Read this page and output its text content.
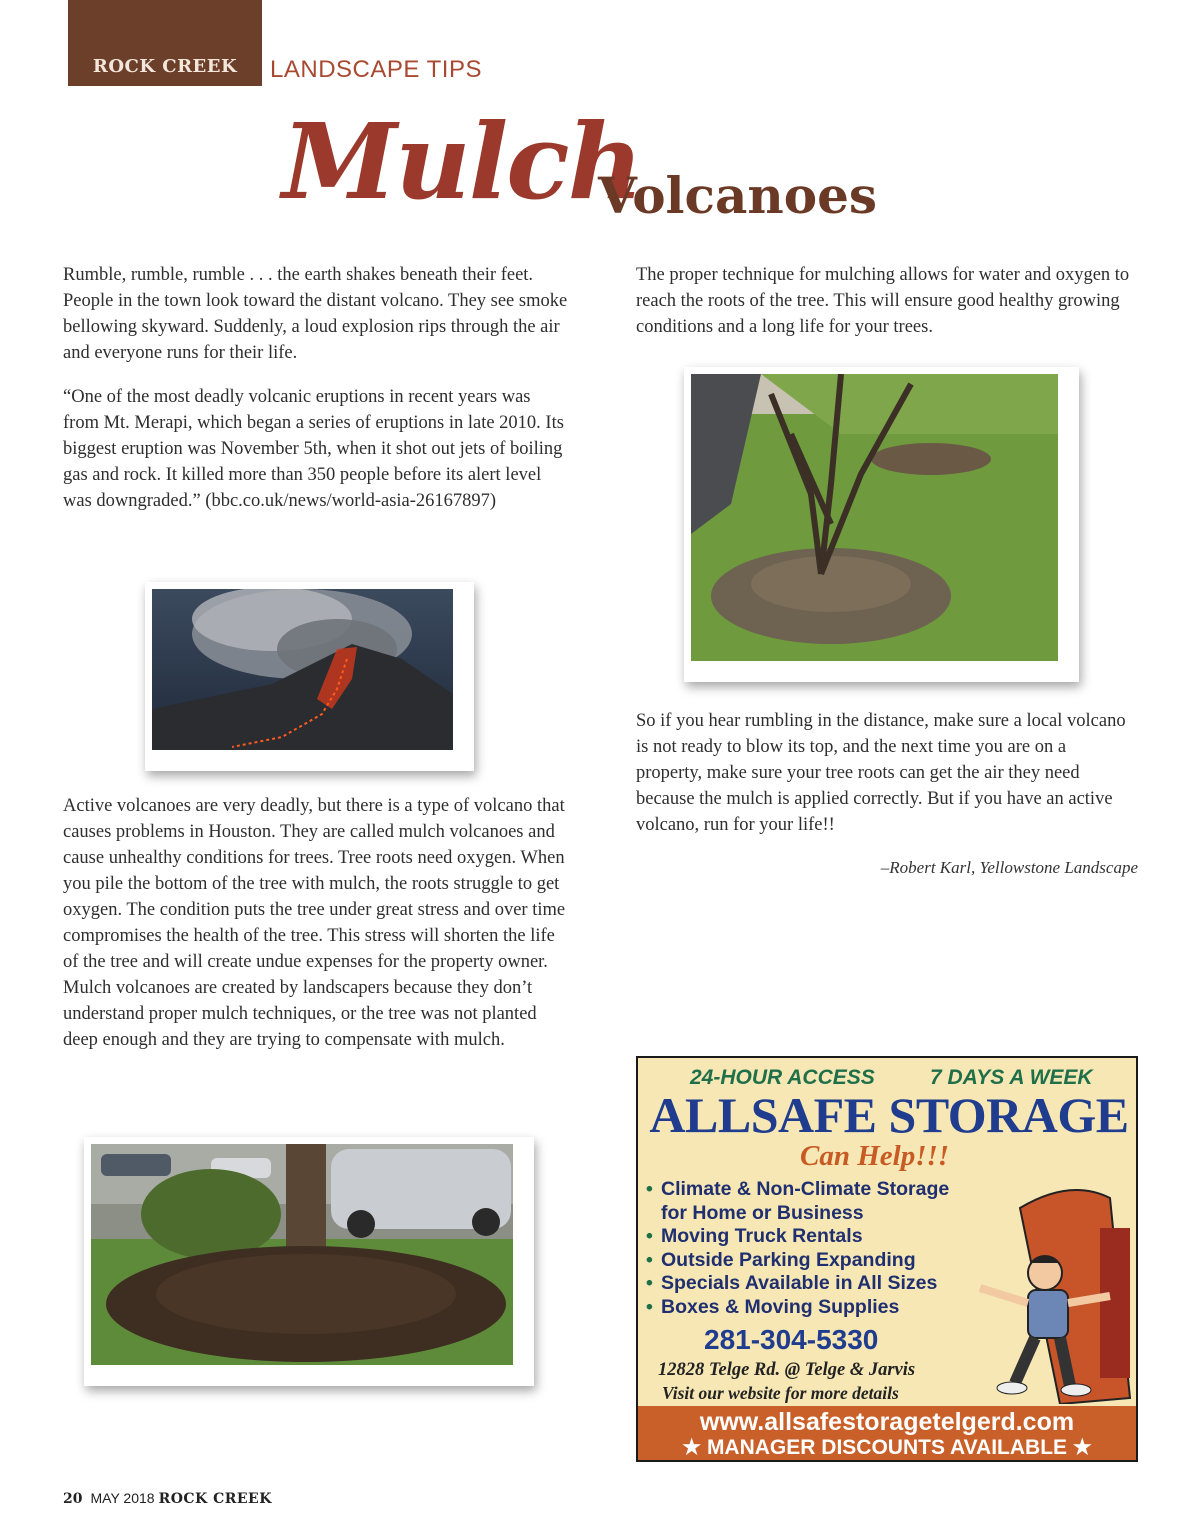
ROCK CREEK	LANDSCAPE TIPS
Mulch
Volcanoes

Rumble, rumble, rumble . . . the earth shakes beneath their feet. People in the town look toward the distant volcano. They see smoke bellowing skyward. Suddenly, a loud explosion rips through the air and everyone runs for their life.

“One of the most deadly volcanic eruptions in recent years was from Mt. Merapi, which began a series of eruptions in late 2010. Its biggest eruption was November 5th, when it shot out jets of boiling gas and rock. It killed more than 350 people before its alert level was downgraded.” (bbc.co.uk/news/world-asia-26167897)

Active volcanoes are very deadly, but there is a type of volcano that causes problems in Houston. They are called mulch volcanoes and cause unhealthy conditions for trees. Tree roots need oxygen. When you pile the bottom of the tree with mulch, the roots struggle to get oxygen. The condition puts the tree under great stress and over time compromises the health of the tree. This stress will shorten the life of the tree and will create undue expenses for the property owner. Mulch volcanoes are created by landscapers because they don’t understand proper mulch techniques, or the tree was not planted deep enough and they are trying to compensate with mulch.

The proper technique for mulching allows for water and oxygen to reach the roots of the tree. This will ensure good healthy growing conditions and a long life for your trees.

So if you hear rumbling in the distance, make sure a local volcano is not ready to blow its top, and the next time you are on a property, make sure your tree roots can get the air they need because the mulch is applied correctly. But if you have an active volcano, run for your life!!

–Robert Karl, Yellowstone Landscape
24-HOUR ACCESS	7 DAYS A WEEK
ALLSAFE STORAGE
Can Help!!!
• Climate & Non-Climate Storage for Home or Business
• Moving Truck Rentals
• Outside Parking Expanding
• Specials Available in All Sizes
• Boxes & Moving Supplies
281-304-5330
12828 Telge Rd. @ Telge & Jarvis
Visit our website for more details
www.allsafestoragetelgerd.com
★ MANAGER DISCOUNTS AVAILABLE ★
20 MAY 2018 ROCK CREEK
